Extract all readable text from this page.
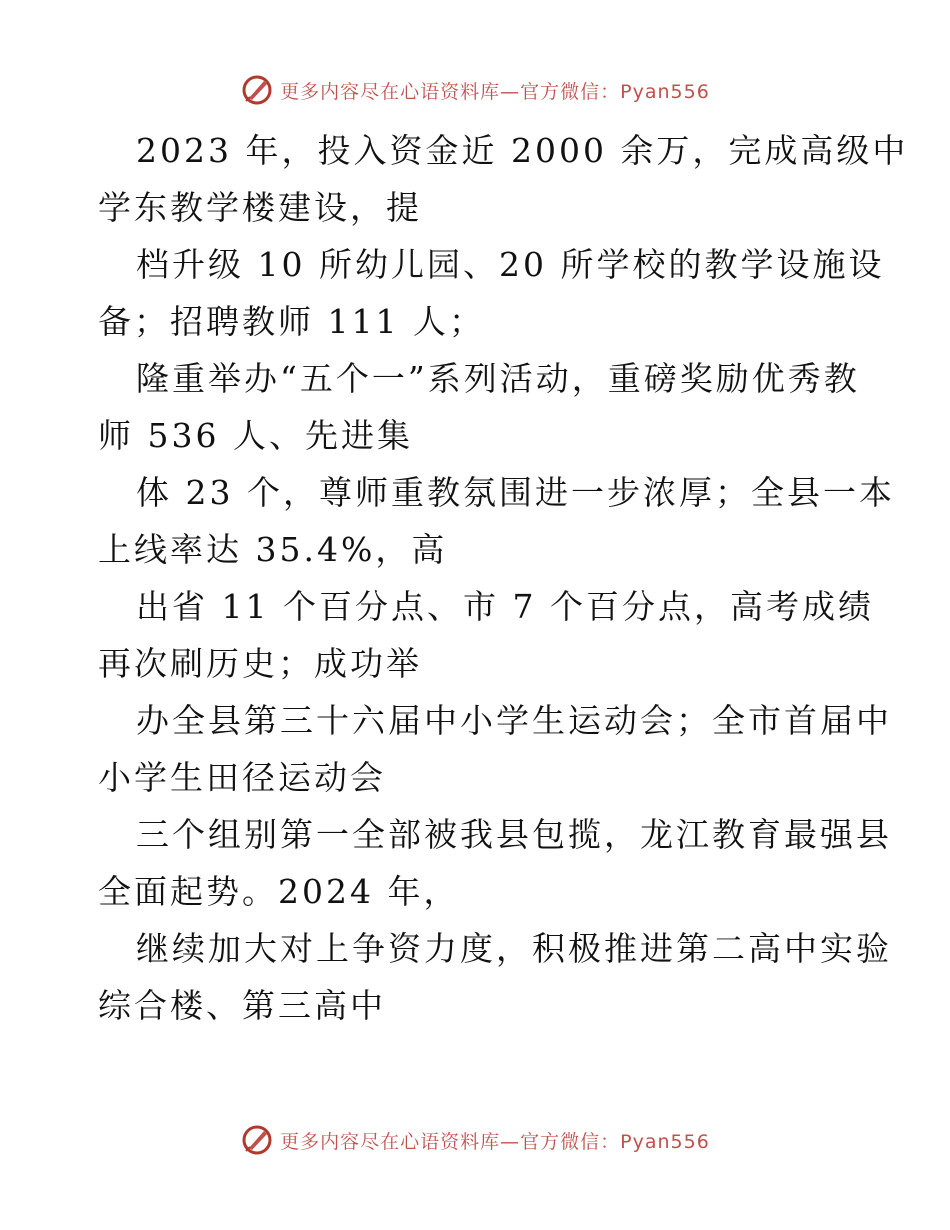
更多内容尽在心语资料库—官方微信：Pyan556
2023 年，投入资金近 2000 余万，完成高级中
学东教学楼建设，提
档升级 10 所幼儿园、20 所学校的教学设施设
备；招聘教师 111 人；
隆重举办“五个一”系列活动，重磅奖励优秀教
师 536 人、先进集
体 23 个，尊师重教氛围进一步浓厚；全县一本
上线率达 35.4%，高
出省 11 个百分点、市 7 个百分点，高考成绩
再次刷历史；成功举
办全县第三十六届中小学生运动会；全市首届中
小学生田径运动会
三个组别第一全部被我县包揽，龙江教育最强县
全面起势。2024 年，
继续加大对上争资力度，积极推进第二高中实验
综合楼、第三高中
更多内容尽在心语资料库—官方微信：Pyan556
